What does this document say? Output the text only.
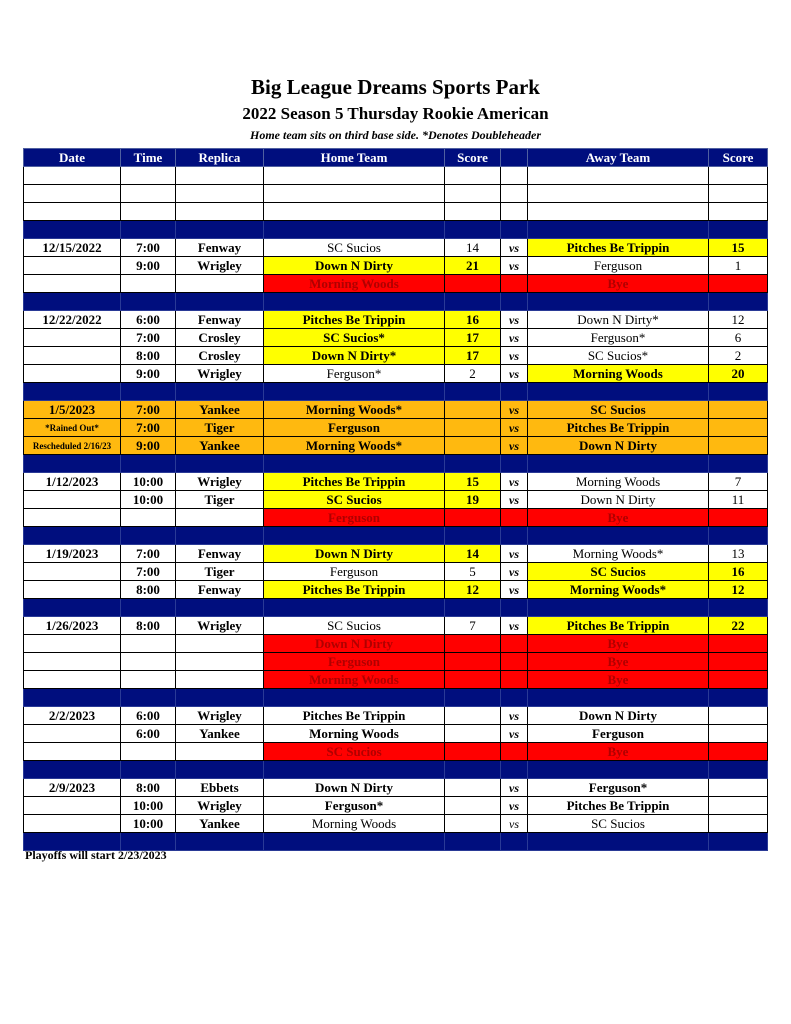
Big League Dreams Sports Park
2022 Season 5 Thursday Rookie American
Home team sits on third base side. *Denotes Doubleheader
Date	Time	Replica	Home Team	Score		Away Team	Score

12/15/2022	7:00	Fenway	SC Sucios	14	vs	Pitches Be Trippin	15
	9:00	Wrigley	Down N Dirty	21	vs	Ferguson	1
			Morning Woods			Bye	

12/22/2022	6:00	Fenway	Pitches Be Trippin	16	vs	Down N Dirty*	12
	7:00	Crosley	SC Sucios*	17	vs	Ferguson*	6
	8:00	Crosley	Down N Dirty*	17	vs	SC Sucios*	2
	9:00	Wrigley	Ferguson*	2	vs	Morning Woods	20

1/5/2023	7:00	Yankee	Morning Woods*		vs	SC Sucios	
*Rained Out*	7:00	Tiger	Ferguson		vs	Pitches Be Trippin	
Rescheduled 2/16/23	9:00	Yankee	Morning Woods*		vs	Down N Dirty	

1/12/2023	10:00	Wrigley	Pitches Be Trippin	15	vs	Morning Woods	7
	10:00	Tiger	SC Sucios	19	vs	Down N Dirty	11
			Ferguson			Bye	

1/19/2023	7:00	Fenway	Down N Dirty	14	vs	Morning Woods*	13
	7:00	Tiger	Ferguson	5	vs	SC Sucios	16
	8:00	Fenway	Pitches Be Trippin	12	vs	Morning Woods*	12

1/26/2023	8:00	Wrigley	SC Sucios	7	vs	Pitches Be Trippin	22
			Down N Dirty			Bye	
			Ferguson			Bye	
			Morning Woods			Bye	

2/2/2023	6:00	Wrigley	Pitches Be Trippin		vs	Down N Dirty	
	6:00	Yankee	Morning Woods		vs	Ferguson	
			SC Sucios			Bye	

2/9/2023	8:00	Ebbets	Down N Dirty		vs	Ferguson*	
	10:00	Wrigley	Ferguson*		vs	Pitches Be Trippin	
	10:00	Yankee	Morning Woods		vs	SC Sucios	

Playoffs will start 2/23/2023
